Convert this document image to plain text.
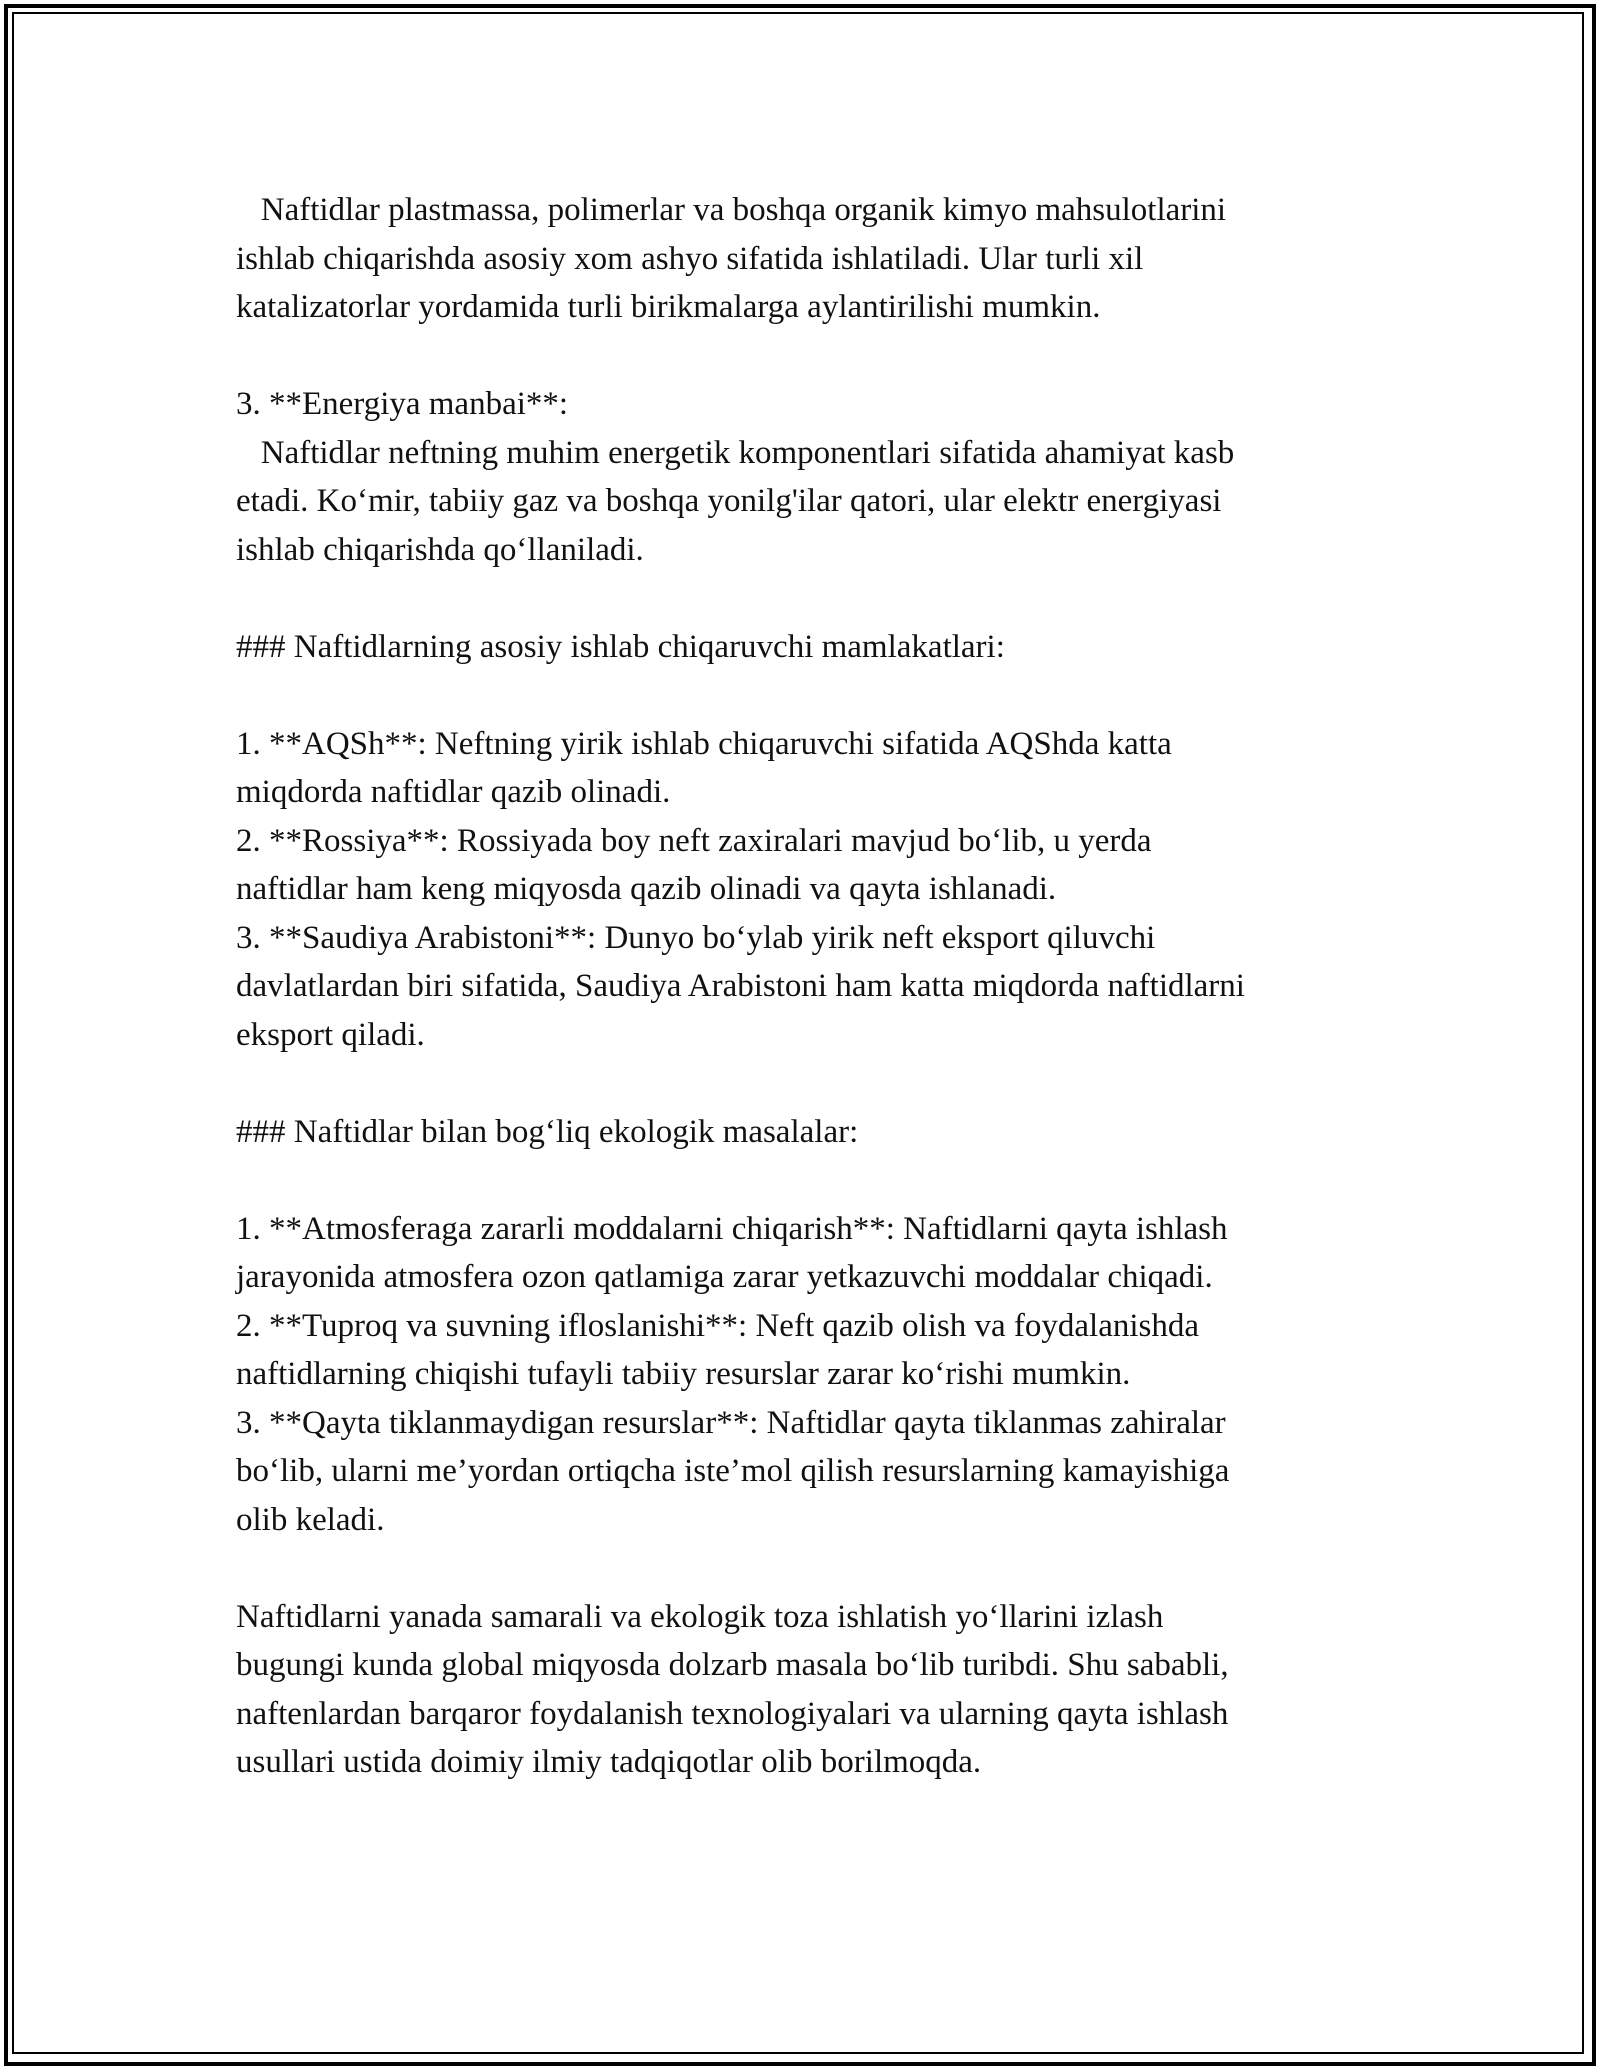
Naftidlar plastmassa, polimerlar va boshqa organik kimyo mahsulotlarini
ishlab chiqarishda asosiy xom ashyo sifatida ishlatiladi. Ular turli xil
katalizatorlar yordamida turli birikmalarga aylantirilishi mumkin.
3. **Energiya manbai**:
Naftidlar neftning muhim energetik komponentlari sifatida ahamiyat kasb
etadi. Ko‘mir, tabiiy gaz va boshqa yonilg'ilar qatori, ular elektr energiyasi
ishlab chiqarishda qo‘llaniladi.
### Naftidlarning asosiy ishlab chiqaruvchi mamlakatlari:
1. **AQSh**: Neftning yirik ishlab chiqaruvchi sifatida AQShda katta
miqdorda naftidlar qazib olinadi.
2. **Rossiya**: Rossiyada boy neft zaxiralari mavjud bo‘lib, u yerda
naftidlar ham keng miqyosda qazib olinadi va qayta ishlanadi.
3. **Saudiya Arabistoni**: Dunyo bo‘ylab yirik neft eksport qiluvchi
davlatlardan biri sifatida, Saudiya Arabistoni ham katta miqdorda naftidlarni
eksport qiladi.
### Naftidlar bilan bog‘liq ekologik masalalar:
1. **Atmosferaga zararli moddalarni chiqarish**: Naftidlarni qayta ishlash
jarayonida atmosfera ozon qatlamiga zarar yetkazuvchi moddalar chiqadi.
2. **Tuproq va suvning ifloslanishi**: Neft qazib olish va foydalanishda
naftidlarning chiqishi tufayli tabiiy resurslar zarar ko‘rishi mumkin.
3. **Qayta tiklanmaydigan resurslar**: Naftidlar qayta tiklanmas zahiralar
bo‘lib, ularni me’yordan ortiqcha iste’mol qilish resurslarning kamayishiga
olib keladi.
Naftidlarni yanada samarali va ekologik toza ishlatish yo‘llarini izlash
bugungi kunda global miqyosda dolzarb masala bo‘lib turibdi. Shu sababli,
naftenlardan barqaror foydalanish texnologiyalari va ularning qayta ishlash
usullari ustida doimiy ilmiy tadqiqotlar olib borilmoqda.
